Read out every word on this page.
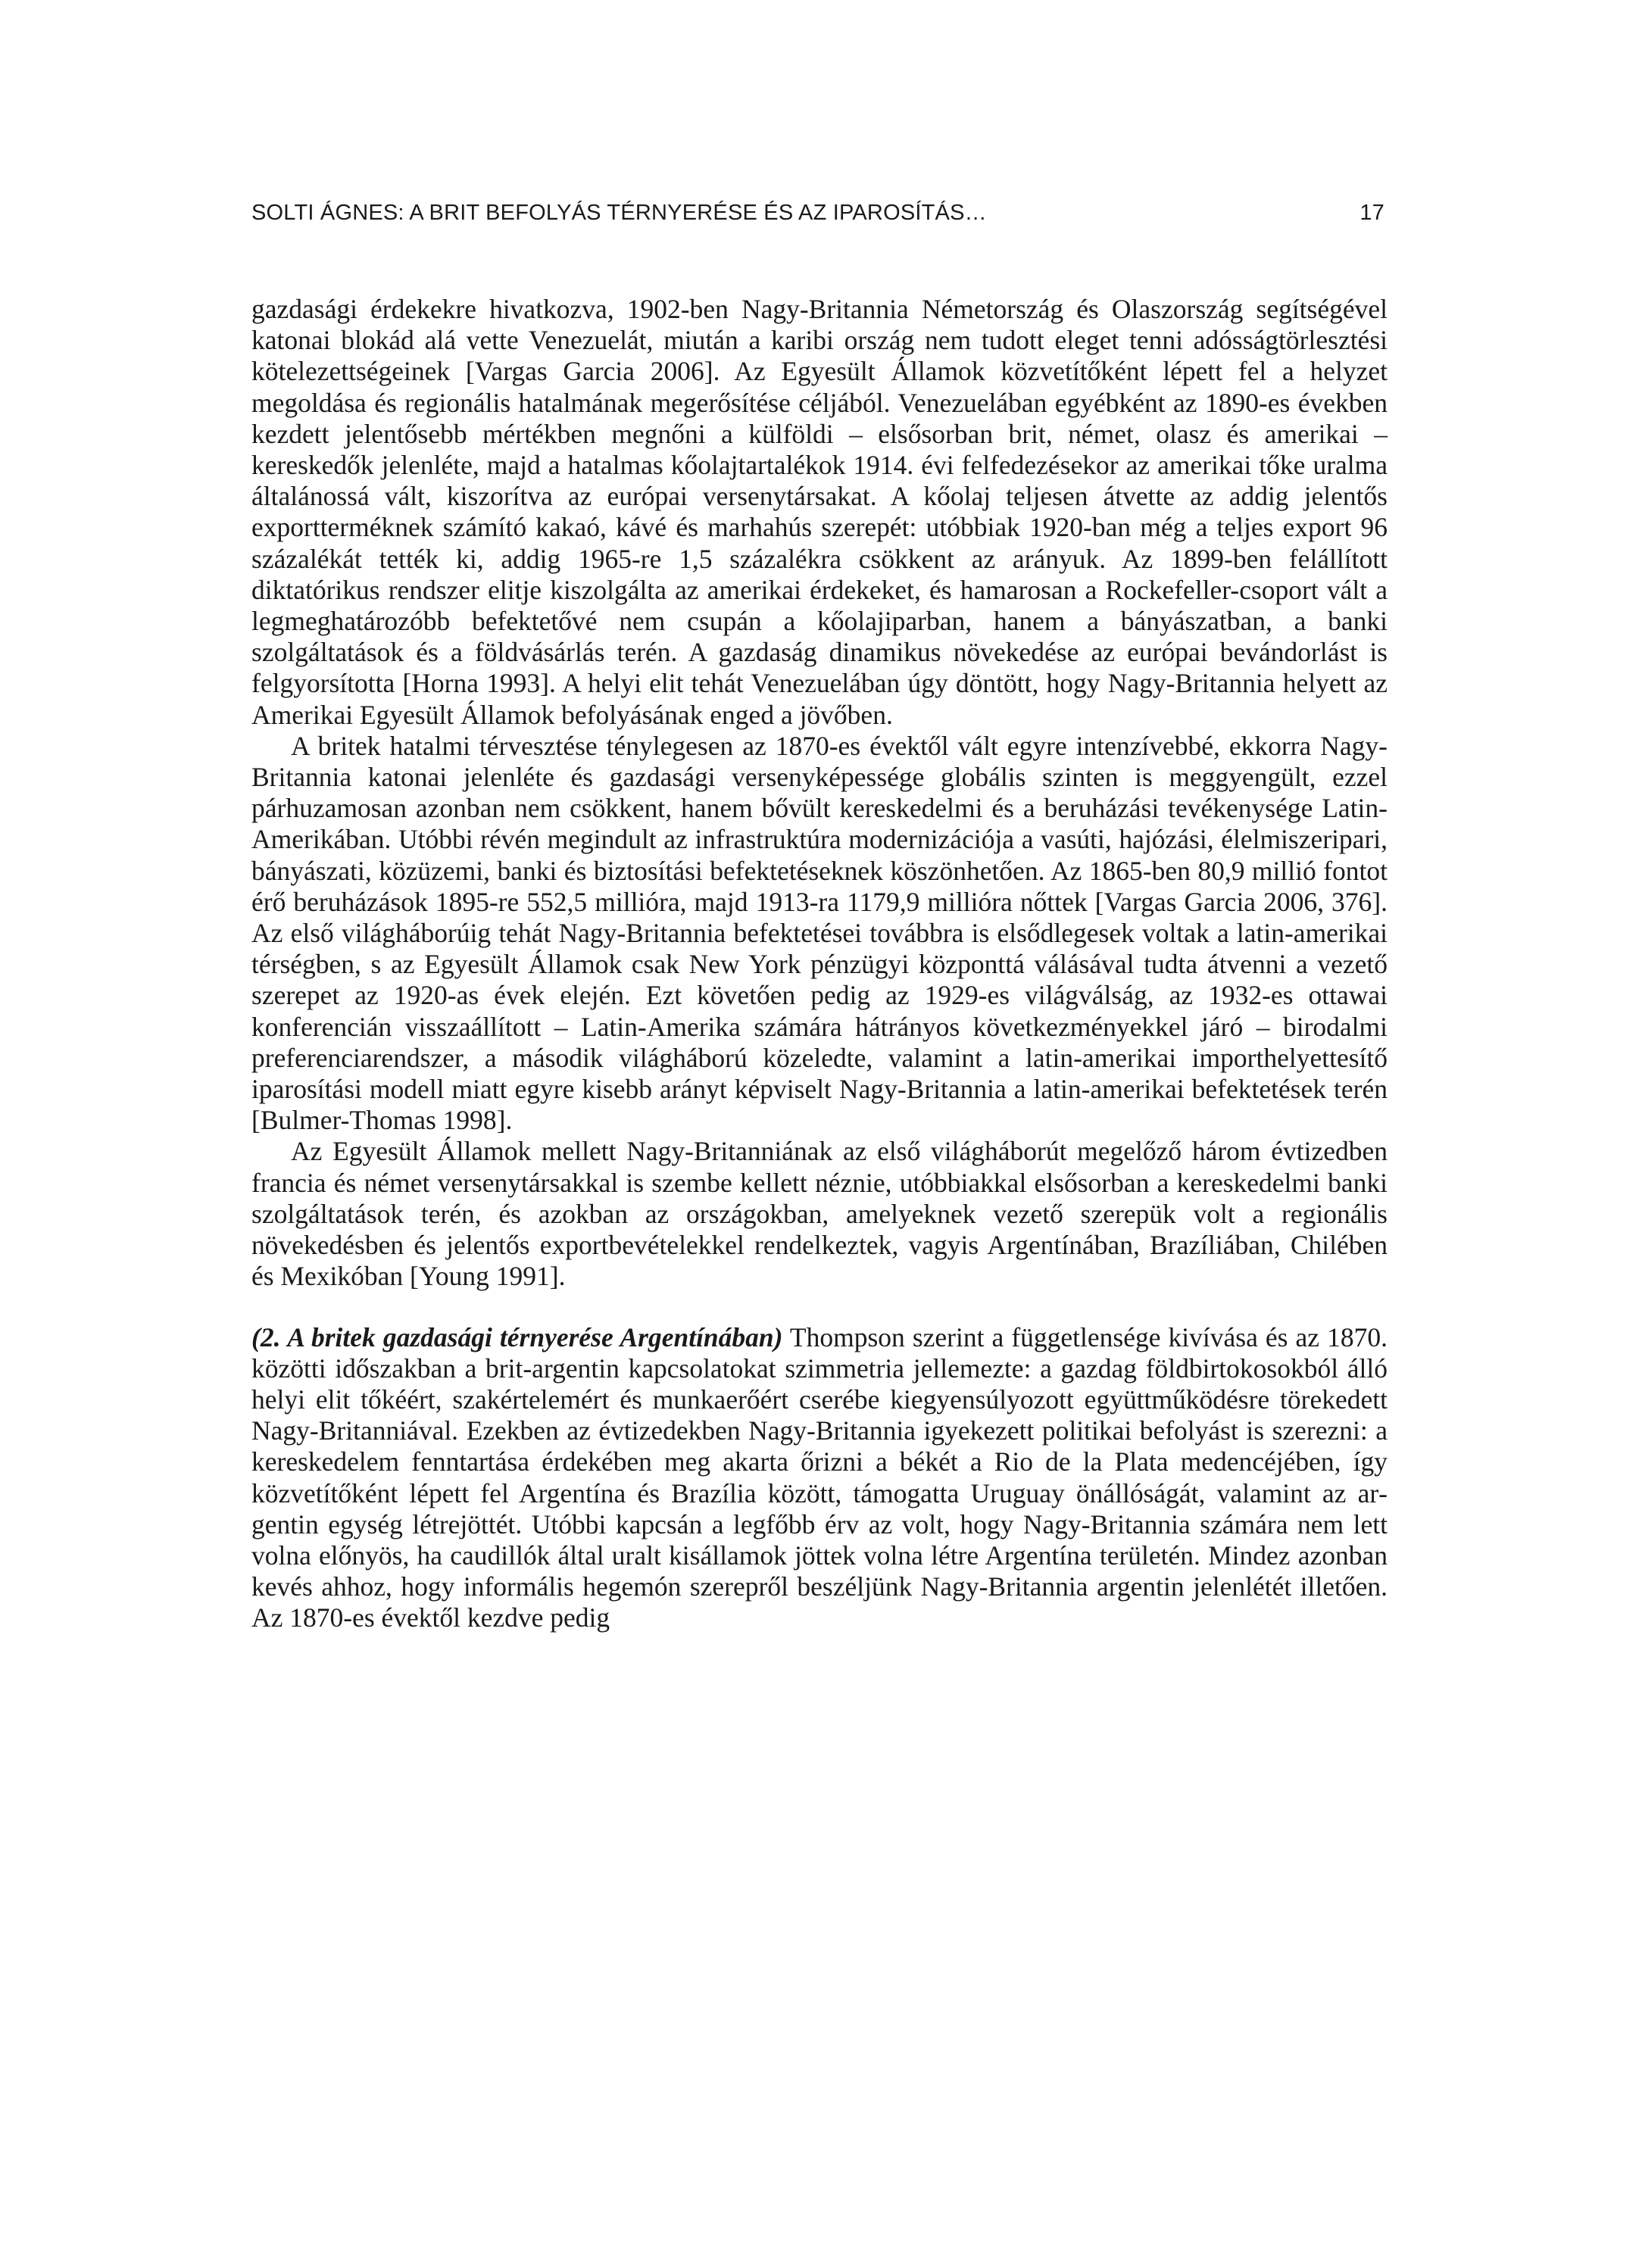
SOLTI ÁGNES: A BRIT BEFOLYÁS TÉRNYERÉSE ÉS AZ IPAROSÍTÁS…	17

gazdasági érdekekre hivatkozva, 1902-ben Nagy-Britannia Németország és Olaszország segítségével katonai blokád alá vette Venezuelát, miután a karibi ország nem tudott eleget tenni adósságtörlesztési kötelezettségeinek [Vargas Garcia 2006]. Az Egyesült Államok közvetítőként lépett fel a helyzet megoldása és regionális hatalmának megerősítése céljából. Venezuelában egyébként az 1890-es években kezdett jelentősebb mértékben megnőni a külföldi – elsősorban brit, német, olasz és amerikai – kereskedők jelenléte, majd a hatalmas kőolajtartalékok 1914. évi felfedezésekor az amerikai tőke uralma általánossá vált, kiszorítva az európai versenytársakat. A kőolaj teljesen átvette az addig jelentős exportterméknek számító kakaó, kávé és marhahús szerepét: utóbbiak 1920-ban még a teljes export 96 százalékát tették ki, addig 1965-re 1,5 százalékra csökkent az arányuk. Az 1899-ben felállított diktatórikus rendszer elitje kiszolgálta az amerikai érdekeket, és hamarosan a Rockefeller-csoport vált a legmeghatározóbb befektetővé nem csupán a kőolajiparban, hanem a bányászatban, a banki szolgáltatások és a földvásárlás terén. A gazdaság dinamikus növekedése az európai bevándorlást is felgyorsította [Horna 1993]. A helyi elit tehát Venezuelában úgy döntött, hogy Nagy-Britannia helyett az Amerikai Egyesült Államok befolyásának enged a jövőben.

A britek hatalmi térvesztése ténylegesen az 1870-es évektől vált egyre intenzívebbé, ekkorra Nagy-Britannia katonai jelenléte és gazdasági versenyképessége globális szinten is meggyengült, ezzel párhuzamosan azonban nem csökkent, hanem bővült kereskedelmi és a beruházási tevékenysége Latin-Amerikában. Utóbbi révén megindult az infrastruktúra modernizációja a vasúti, hajózási, élelmiszeripari, bányászati, közüzemi, banki és biztosítási befektetéseknek köszönhetően. Az 1865-ben 80,9 millió fontot érő beruházások 1895-re 552,5 millióra, majd 1913-ra 1179,9 millióra nőttek [Vargas Garcia 2006, 376]. Az első világháborúig tehát Nagy-Britannia befektetései továbbra is elsődlegesek voltak a latin-amerikai térségben, s az Egyesült Államok csak New York pénzügyi központtá válásával tudta átvenni a vezető szerepet az 1920-as évek elején. Ezt követően pedig az 1929-es világválság, az 1932-es ottawai konferencián visszaállított – Latin-Amerika számára hátrányos következményekkel járó – birodalmi preferenciarendszer, a második világháború közeledte, valamint a latin-amerikai importhelyettesítő iparosítási modell miatt egyre kisebb arányt képviselt Nagy-Britannia a latin-amerikai befektetések terén [Bulmer-Thomas 1998].

Az Egyesült Államok mellett Nagy-Britanniának az első világháborút megelőző három évtizedben francia és német versenytársakkal is szembe kellett néznie, utóbbiakkal elsősorban a kereskedelmi banki szolgáltatások terén, és azokban az országokban, amelyeknek vezető szerepük volt a regionális növekedésben és jelentős exportbevételekkel rendelkeztek, vagyis Argentínában, Brazíliában, Chilében és Mexikóban [Young 1991].

(2. A britek gazdasági térnyerése Argentínában) Thompson szerint a függetlensége kivívása és az 1870. közötti időszakban a brit-argentin kapcsolatokat szimmetria jellemezte: a gazdag földbirtokosokból álló helyi elit tőkéért, szakértelemért és munkaerőért cserébe kiegyensúlyozott együttműködésre törekedett Nagy-Britanniával. Ezekben az évtizedekben Nagy-Britannia igyekezett politikai befolyást is szerezni: a kereskedelem fenntartása érdekében meg akarta őrizni a békét a Rio de la Plata medencéjében, így közvetítőként lépett fel Argentína és Brazília között, támogatta Uruguay önállóságát, valamint az argentin egység létrejöttét. Utóbbi kapcsán a legfőbb érv az volt, hogy Nagy-Britannia számára nem lett volna előnyös, ha caudillók által uralt kisállamok jöttek volna létre Argentína területén. Mindez azonban kevés ahhoz, hogy informális hegemón szerepről beszéljünk Nagy-Britannia argentin jelenlétét illetően. Az 1870-es évektől kezdve pedig
